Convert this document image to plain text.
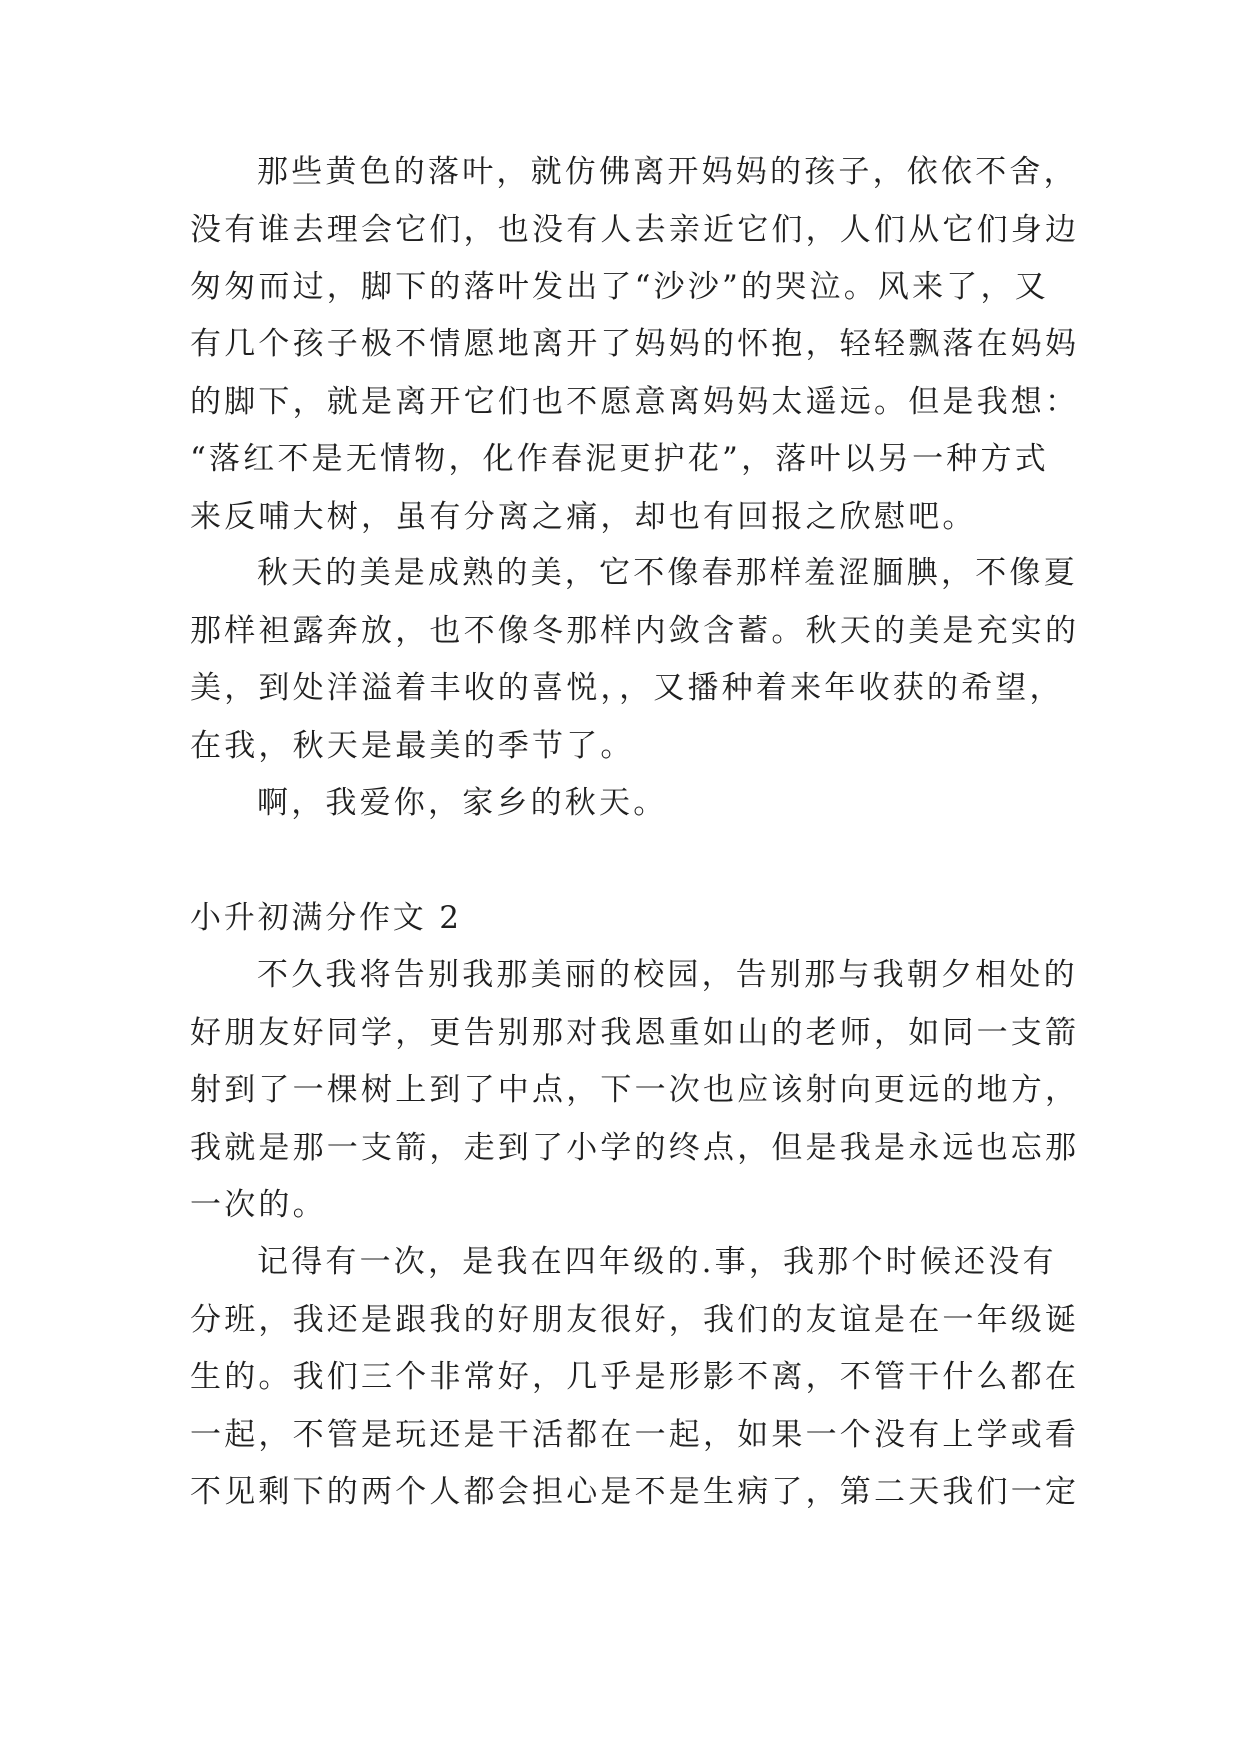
那些黄色的落叶，就仿佛离开妈妈的孩子，依依不舍，

没有谁去理会它们，也没有人去亲近它们，人们从它们身边

匆匆而过，脚下的落叶发出了“沙沙”的哭泣。风来了，又

有几个孩子极不情愿地离开了妈妈的怀抱，轻轻飘落在妈妈

的脚下，就是离开它们也不愿意离妈妈太遥远。但是我想：

“落红不是无情物，化作春泥更护花”，落叶以另一种方式

来反哺大树，虽有分离之痛，却也有回报之欣慰吧。

秋天的美是成熟的美，它不像春那样羞涩腼腆，不像夏

那样袒露奔放，也不像冬那样内敛含蓄。秋天的美是充实的

美，到处洋溢着丰收的喜悦，，又播种着来年收获的希望，

在我，秋天是最美的季节了。

啊，我爱你，家乡的秋天。

小升初满分作文 2

不久我将告别我那美丽的校园，告别那与我朝夕相处的

好朋友好同学，更告别那对我恩重如山的老师，如同一支箭

射到了一棵树上到了中点，下一次也应该射向更远的地方，

我就是那一支箭，走到了小学的终点，但是我是永远也忘那

一次的。

记得有一次，是我在四年级的.事，我那个时候还没有

分班，我还是跟我的好朋友很好，我们的友谊是在一年级诞

生的。我们三个非常好，几乎是形影不离，不管干什么都在

一起，不管是玩还是干活都在一起，如果一个没有上学或看

不见剩下的两个人都会担心是不是生病了，第二天我们一定
